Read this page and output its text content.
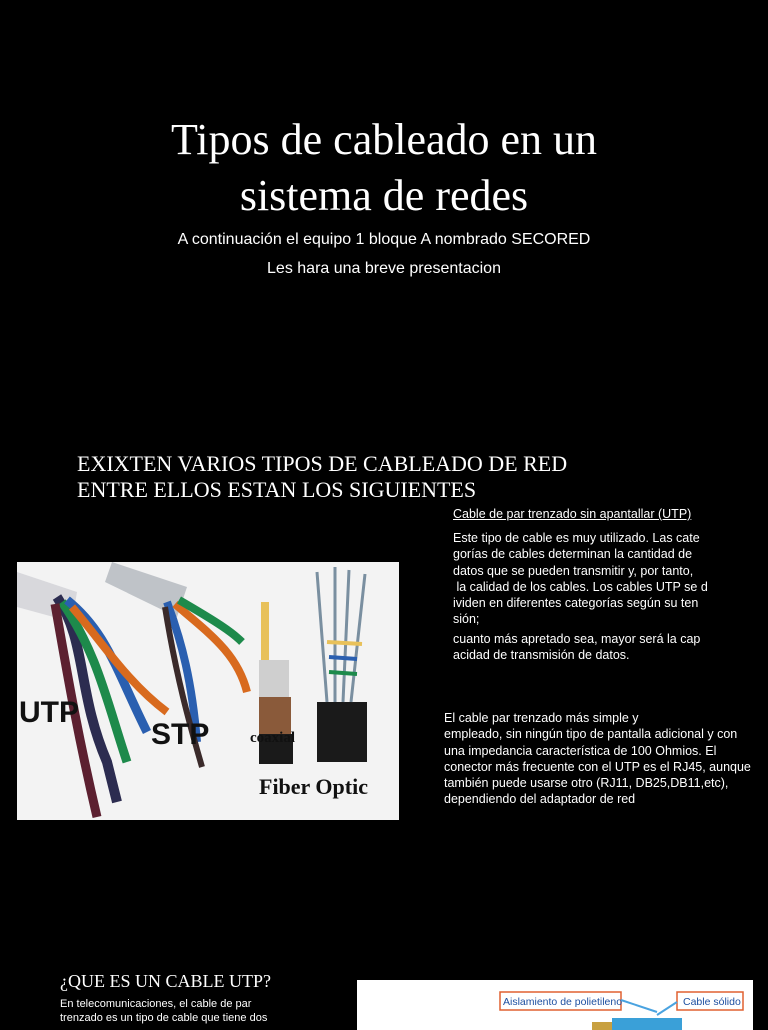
Tipos de cableado en un
sistema de redes
A continuación el equipo 1 bloque A nombrado SECORED
Les hara una breve presentacion
EXIXTEN VARIOS TIPOS DE CABLEADO DE RED
ENTRE ELLOS ESTAN LOS SIGUIENTES
Cable de par trenzado sin apantallar (UTP)
Este tipo de cable es muy utilizado. Las cate
gorías de cables determinan la cantidad de
datos que se pueden transmitir y, por tanto,
la calidad de los cables. Los cables UTP se d
ividen en diferentes categorías según su ten
sión;
cuanto más apretado sea, mayor será la cap
acidad de transmisión de datos.
El cable par trenzado más simple y
empleado, sin ningún tipo de pantalla adicional y con
una impedancia característica de 100 Ohmios. El
conector más frecuente con el UTP es el RJ45, aunque
también puede usarse otro (RJ11, DB25,DB11,etc),
dependiendo del adaptador de red
UTP
STP	coaxial
Fiber Optic
¿QUE ES UN CABLE UTP?
En telecomunicaciones, el cable de par
trenzado es un tipo de cable que tiene dos
Aislamiento de polietileno	Cable sólido
